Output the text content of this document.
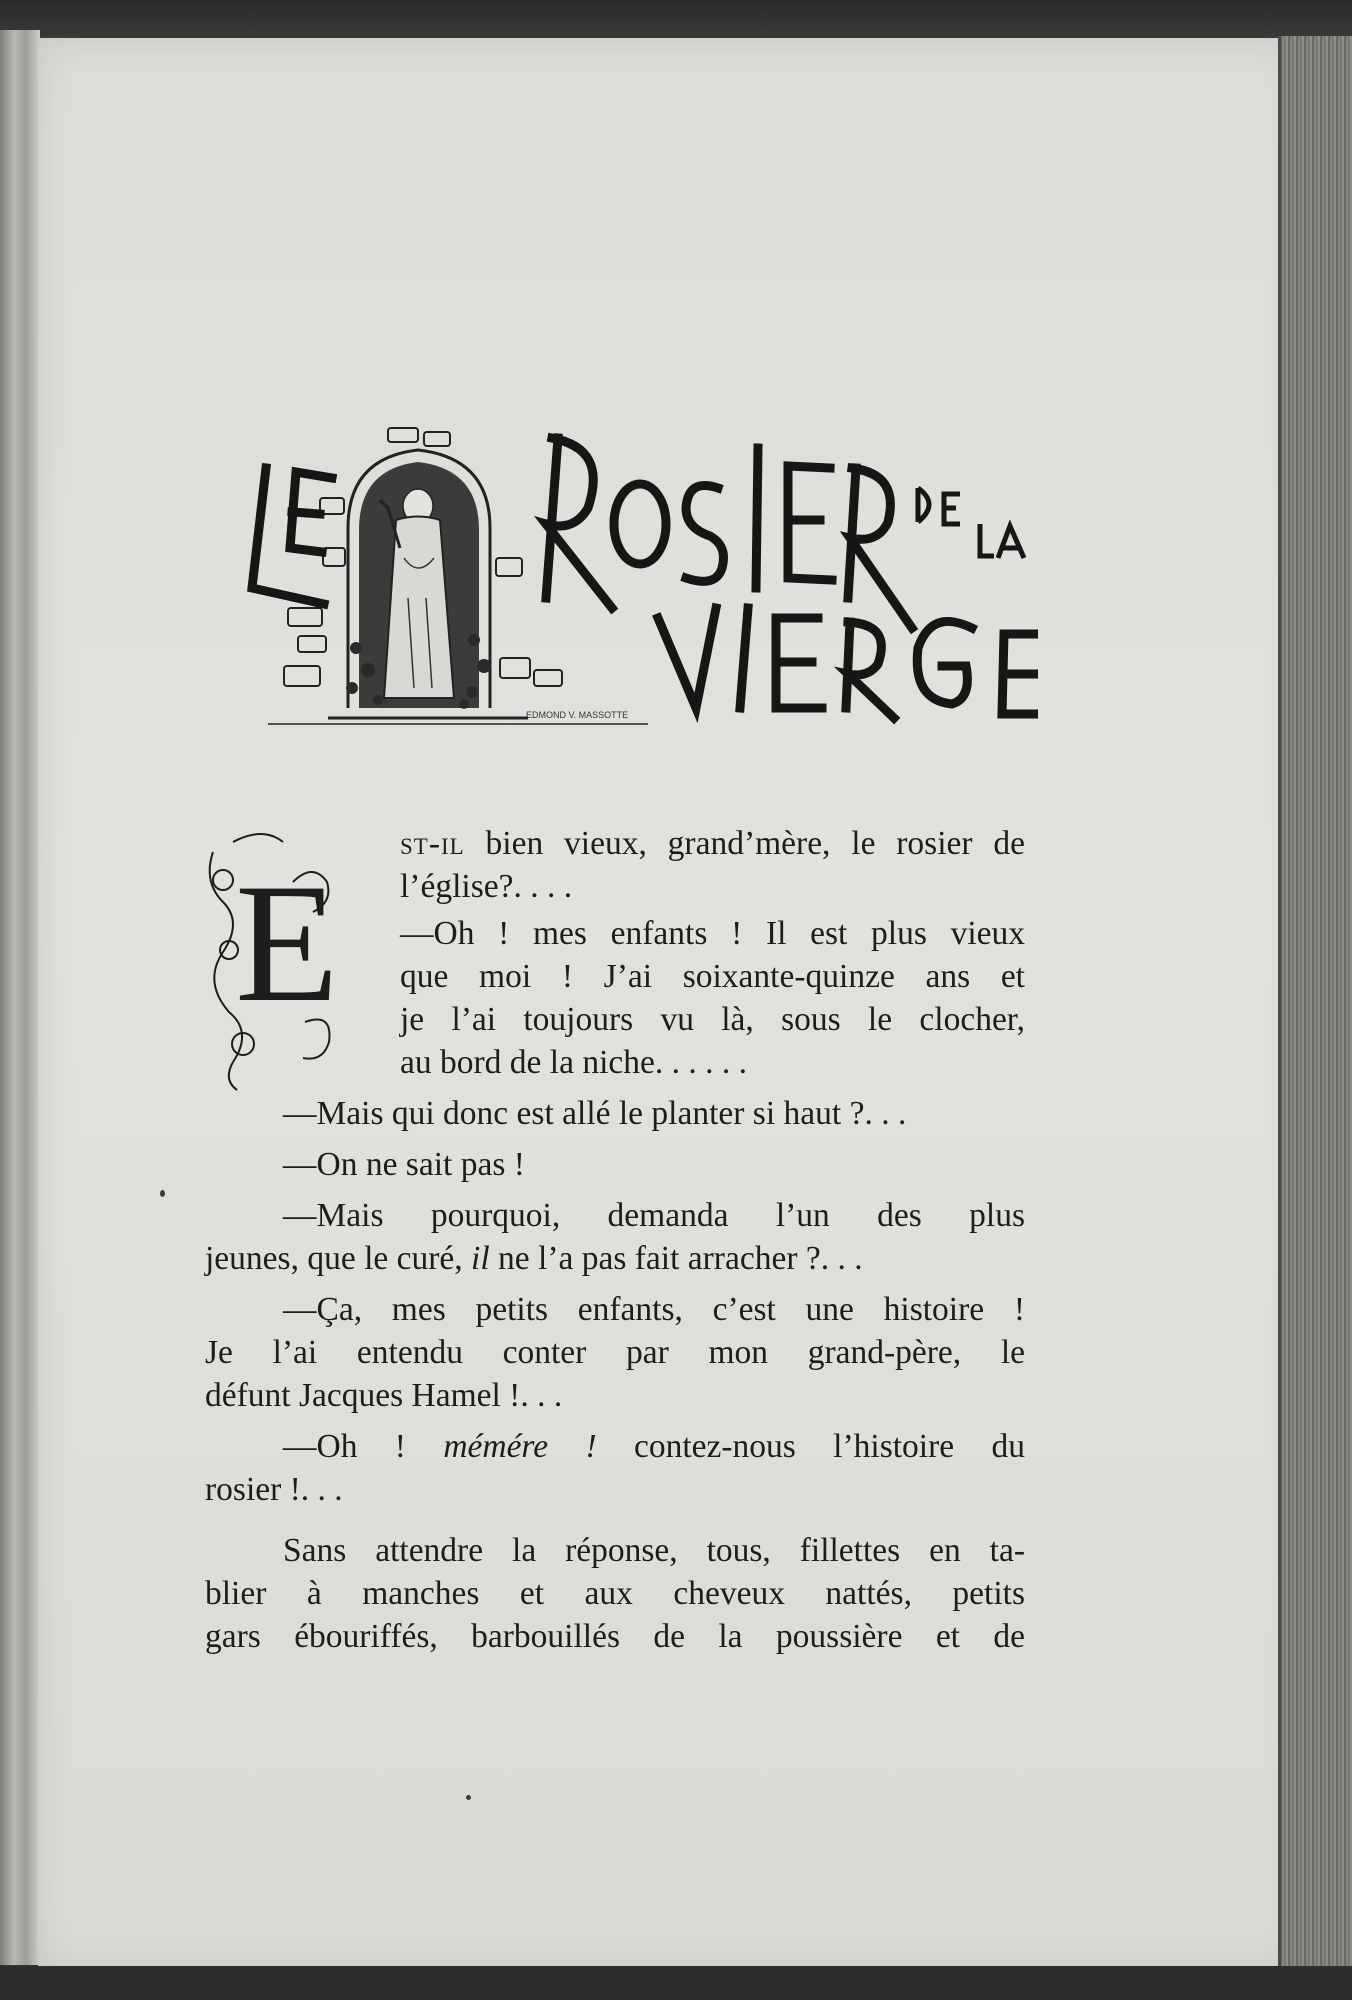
EDMOND V. MASSOTTE
E

st-il bien vieux, grand’mère, le rosier de

l’église?. . . .

—Oh ! mes enfants ! Il est plus vieux

que moi ! J’ai soixante-quinze ans et

je l’ai toujours vu là, sous le clocher,

au bord de la niche. . . . . .

—Mais qui donc est allé le planter si haut ?. . .

—On ne sait pas !

—Mais pourquoi, demanda l’un des plus

jeunes, que le curé, il ne l’a pas fait arracher ?. . .

—Ça, mes petits enfants, c’est une histoire !

Je l’ai entendu conter par mon grand-père, le

défunt Jacques Hamel !. . .

—Oh ! mémére ! contez-nous l’histoire du

rosier !. . .

Sans attendre la réponse, tous, fillettes en ta-

blier à manches et aux cheveux nattés, petits

gars ébouriffés, barbouillés de la poussière et de
